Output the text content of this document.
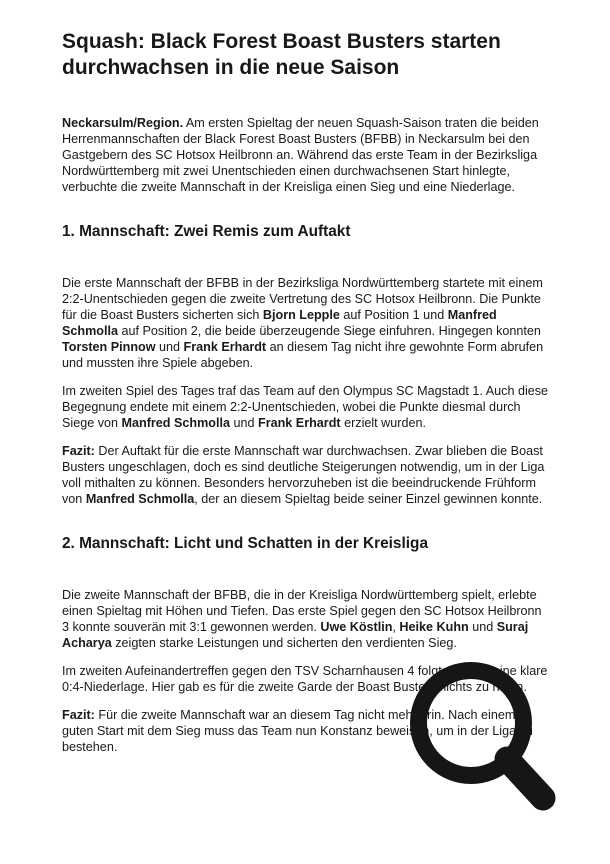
Squash: Black Forest Boast Busters starten durchwachsen in die neue Saison

Neckarsulm/Region. Am ersten Spieltag der neuen Squash-Saison traten die beiden Herrenmannschaften der Black Forest Boast Busters (BFBB) in Neckarsulm bei den Gastgebern des SC Hotsox Heilbronn an. Während das erste Team in der Bezirksliga Nordwürttemberg mit zwei Unentschieden einen durchwachsenen Start hinlegte, verbuchte die zweite Mannschaft in der Kreisliga einen Sieg und eine Niederlage.

1. Mannschaft: Zwei Remis zum Auftakt

Die erste Mannschaft der BFBB in der Bezirksliga Nordwürttemberg startete mit einem 2:2-Unentschieden gegen die zweite Vertretung des SC Hotsox Heilbronn. Die Punkte für die Boast Busters sicherten sich Bjorn Lepple auf Position 1 und Manfred Schmolla auf Position 2, die beide überzeugende Siege einfuhren. Hingegen konnten Torsten Pinnow und Frank Erhardt an diesem Tag nicht ihre gewohnte Form abrufen und mussten ihre Spiele abgeben.

Im zweiten Spiel des Tages traf das Team auf den Olympus SC Magstadt 1. Auch diese Begegnung endete mit einem 2:2-Unentschieden, wobei die Punkte diesmal durch Siege von Manfred Schmolla und Frank Erhardt erzielt wurden.

Fazit: Der Auftakt für die erste Mannschaft war durchwachsen. Zwar blieben die Boast Busters ungeschlagen, doch es sind deutliche Steigerungen notwendig, um in der Liga voll mithalten zu können. Besonders hervorzuheben ist die beeindruckende Frühform von Manfred Schmolla, der an diesem Spieltag beide seiner Einzel gewinnen konnte.

2. Mannschaft: Licht und Schatten in der Kreisliga

Die zweite Mannschaft der BFBB, die in der Kreisliga Nordwürttemberg spielt, erlebte einen Spieltag mit Höhen und Tiefen. Das erste Spiel gegen den SC Hotsox Heilbronn 3 konnte souverän mit 3:1 gewonnen werden. Uwe Köstlin, Heike Kuhn und Suraj Acharya zeigten starke Leistungen und sicherten den verdienten Sieg.

Im zweiten Aufeinandertreffen gegen den TSV Scharnhausen 4 folgte jedoch eine klare 0:4-Niederlage. Hier gab es für die zweite Garde der Boast Busters nichts zu holen.

Fazit: Für die zweite Mannschaft war an diesem Tag nicht mehr drin. Nach einem guten Start mit dem Sieg muss das Team nun Konstanz beweisen, um in der Liga zu bestehen.
